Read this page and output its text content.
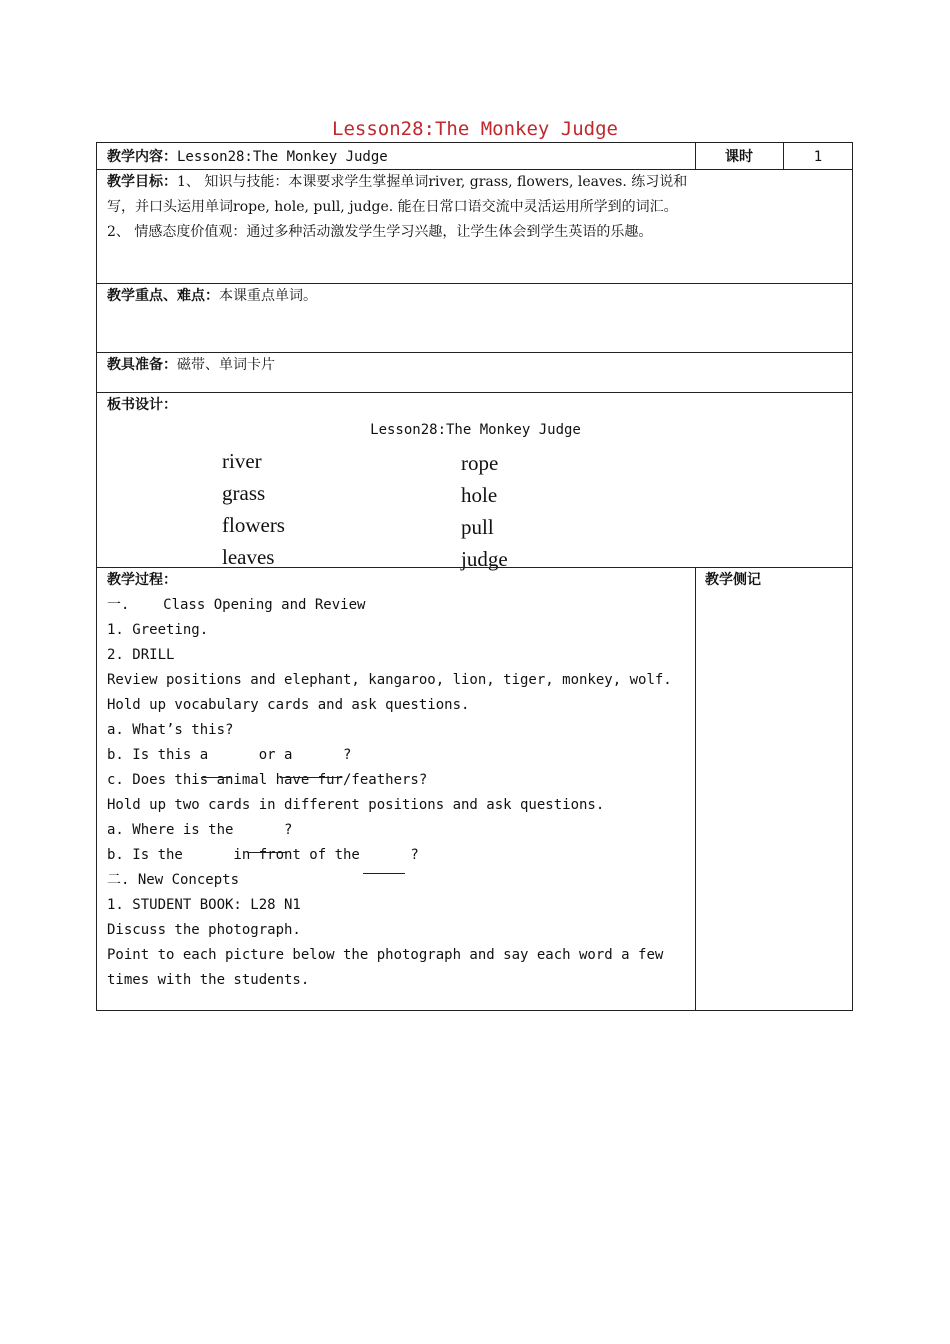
Lesson28:The Monkey Judge
教学内容：Lesson28:The Monkey Judge	课时	1
教学目标：1、 知识与技能：本课要求学生掌握单词river, grass, flowers, leaves. 练习说和
写，并口头运用单词rope, hole, pull, judge. 能在日常口语交流中灵活运用所学到的词汇。
2、 情感态度价值观：通过多种活动激发学生学习兴趣，让学生体会到学生英语的乐趣。
教学重点、难点：本课重点单词。
教具准备：磁带、单词卡片
板书设计：
Lesson28:The Monkey Judge
river
grass
flowers
leaves
rope
hole
pull
judge
教学侧记
教学过程：
一.    Class Opening and Review
1. Greeting.
2. DRILL
Review positions and elephant, kangaroo, lion, tiger, monkey, wolf.
Hold up vocabulary cards and ask questions.
a. What’s this?
b. Is this a      or a      ?
c. Does this animal have fur/feathers?
Hold up two cards in different positions and ask questions.
a. Where is the      ?
b. Is the      in front of the      ?
二. New Concepts
1. STUDENT BOOK: L28 N1
Discuss the photograph.
Point to each picture below the photograph and say each word a few
times with the students.
